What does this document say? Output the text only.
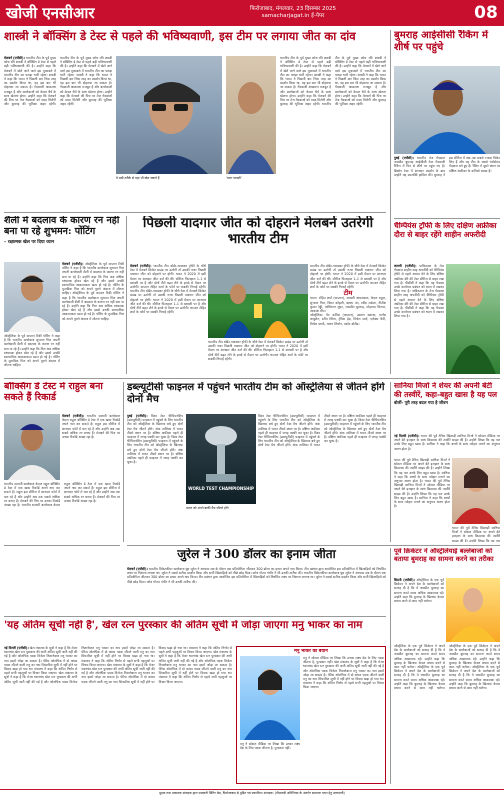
खोजी एनसीआर	फिरोजाबाद, मंगलवार, 23 दिसम्बर 2025
samacharjagat.in ई-पेपर	08
शास्त्री ने बॉक्सिंग डे टेस्ट से पहले की भविष्यवाणी, इस टीम पर लगाया जीत का दांव
मेलबर्न (एजेंसी)। भारतीय टीम के पूर्व मुख्य कोच रवि शास्त्री ने बॉक्सिंग डे टेस्ट से पहले बड़ी भविष्यवाणी की है। उन्होंने कहा कि मेलबर्न में खेले जाने वाले इस मुकाबले में भारतीय टीम का पलड़ा भारी रहेगा। शास्त्री ने कहा कि भारत ने पिछली बार जिस तरह का प्रदर्शन किया था, वह इस बार भी दोहराया जा सकता है। गेंदबाजी आक्रमण मजबूत है और बल्लेबाजों को केवल धैर्य के साथ खेलना होगा। उन्होंने कहा कि मेलबर्न की पिच पर तेज गेंदबाजों को मदद मिलेगी और बुमराह की भूमिका अहम रहेगी। भारतीय टीम के पूर्व मुख्य कोच रवि शास्त्री ने बॉक्सिंग डे टेस्ट से पहले बड़ी भविष्यवाणी की है। उन्होंने कहा कि मेलबर्न में खेले जाने वाले इस मुकाबले में भारतीय टीम का पलड़ा भारी रहेगा। शास्त्री ने कहा कि भारत ने पिछली बार जिस तरह का प्रदर्शन किया था, वह इस बार भी दोहराया जा सकता है। गेंदबाजी आक्रमण मजबूत है और बल्लेबाजों को केवल धैर्य के साथ खेलना होगा। उन्होंने कहा कि मेलबर्न की पिच पर तेज गेंदबाजों को मदद मिलेगी और बुमराह की भूमिका अहम रहेगी।
वे उसी तरीके से यहां भी खेल सकते हैं	'धारा नाराज़ी'
भारतीय टीम के पूर्व मुख्य कोच रवि शास्त्री ने बॉक्सिंग डे टेस्ट से पहले बड़ी भविष्यवाणी की है। उन्होंने कहा कि मेलबर्न में खेले जाने वाले इस मुकाबले में भारतीय टीम का पलड़ा भारी रहेगा। शास्त्री ने कहा कि भारत ने पिछली बार जिस तरह का प्रदर्शन किया था, वह इस बार भी दोहराया जा सकता है। गेंदबाजी आक्रमण मजबूत है और बल्लेबाजों को केवल धैर्य के साथ खेलना होगा। उन्होंने कहा कि मेलबर्न की पिच पर तेज गेंदबाजों को मदद मिलेगी और बुमराह की भूमिका अहम रहेगी। भारतीय टीम के पूर्व मुख्य कोच रवि शास्त्री ने बॉक्सिंग डे टेस्ट से पहले बड़ी भविष्यवाणी की है। उन्होंने कहा कि मेलबर्न में खेले जाने वाले इस मुकाबले में भारतीय टीम का पलड़ा भारी रहेगा। शास्त्री ने कहा कि भारत ने पिछली बार जिस तरह का प्रदर्शन किया था, वह इस बार भी दोहराया जा सकता है। गेंदबाजी आक्रमण मजबूत है और बल्लेबाजों को केवल धैर्य के साथ खेलना होगा। उन्होंने कहा कि मेलबर्न की पिच पर तेज गेंदबाजों को मदद मिलेगी और बुमराह की भूमिका अहम रहेगी।
बुमराह आईसीसी रैंकिंग में शीर्ष पर पहुंचे
दुबई (एजेंसी)। भारतीय तेज गेंदबाज जसप्रीत बुमराह आईसीसी टेस्ट गेंदबाजी रैंकिंग में फिर से शीर्ष पर पहुंच गए हैं। ब्रिस्बेन टेस्ट में शानदार प्रदर्शन के बाद उन्होंने यह उपलब्धि हासिल की। बुमराह ने इस सीरीज में अब तक सबसे ज्यादा विकेट लिए हैं और वह टीम के सबसे भरोसेमंद गेंदबाज बने हुए हैं। रैंकिंग में दूसरे स्थान पर दक्षिण अफ्रीका के कगिसो रबाडा हैं।
शैली में बदलाव के कारण रन नहीं बना पा रहे शुभमन: पोंटिंग
– रक्षात्मक खेल पर दिया ध्यान
मेलबर्न (एजेंसी)। ऑस्ट्रेलिया के पूर्व कप्तान रिकी पोंटिंग ने कहा है कि भारतीय बल्लेबाज शुभमन गिल अपनी बल्लेबाजी शैली में बदलाव के कारण रन नहीं बना पा रहे हैं। उन्होंने कहा कि गिल अब अधिक रक्षात्मक होकर खेल रहे हैं और इससे उनकी स्वाभाविक आक्रामकता खत्म हो गई है। पोंटिंग के मुताबिक गिल को अपने पुराने अंदाज में लौटना चाहिए। ऑस्ट्रेलिया के पूर्व कप्तान रिकी पोंटिंग ने कहा है कि भारतीय बल्लेबाज शुभमन गिल अपनी बल्लेबाजी शैली में बदलाव के कारण रन नहीं बना पा रहे हैं। उन्होंने कहा कि गिल अब अधिक रक्षात्मक होकर खेल रहे हैं और इससे उनकी स्वाभाविक आक्रामकता खत्म हो गई है। पोंटिंग के मुताबिक गिल को अपने पुराने अंदाज में लौटना चाहिए।
ऑस्ट्रेलिया के पूर्व कप्तान रिकी पोंटिंग ने कहा है कि भारतीय बल्लेबाज शुभमन गिल अपनी बल्लेबाजी शैली में बदलाव के कारण रन नहीं बना पा रहे हैं। उन्होंने कहा कि गिल अब अधिक रक्षात्मक होकर खेल रहे हैं और इससे उनकी स्वाभाविक आक्रामकता खत्म हो गई है। पोंटिंग के मुताबिक गिल को अपने पुराने अंदाज में लौटना चाहिए।
पिछली यादगार जीत को दोहराने मेलबर्न उतरेगी भारतीय टीम
मेलबर्न (एजेंसी)। भारतीय टीम बॉर्डर-गावस्कर ट्रॉफी के चौथे टेस्ट में मेलबर्न क्रिकेट ग्राउंड पर उतरेगी तो उसकी नजर पिछली यादगार जीत को दोहराने पर होगी। भारत ने 2020 में इसी मैदान पर शानदार जीत दर्ज की थी। सीरीज फिलहाल 1-1 से बराबरी पर है और दोनों टीमें बढ़त लेने के इरादे से मैदान पर उतरेंगी। कप्तान रोहित शर्मा के फॉर्म पर सबकी निगाहें रहेंगी। भारतीय टीम बॉर्डर-गावस्कर ट्रॉफी के चौथे टेस्ट में मेलबर्न क्रिकेट ग्राउंड पर उतरेगी तो उसकी नजर पिछली यादगार जीत को दोहराने पर होगी। भारत ने 2020 में इसी मैदान पर शानदार जीत दर्ज की थी। सीरीज फिलहाल 1-1 से बराबरी पर है और दोनों टीमें बढ़त लेने के इरादे से मैदान पर उतरेंगी। कप्तान रोहित शर्मा के फॉर्म पर सबकी निगाहें रहेंगी।
भारतीय टीम बॉर्डर-गावस्कर ट्रॉफी के चौथे टेस्ट में मेलबर्न क्रिकेट ग्राउंड पर उतरेगी तो उसकी नजर पिछली यादगार जीत को दोहराने पर होगी। भारत ने 2020 में इसी मैदान पर शानदार जीत दर्ज की थी। सीरीज फिलहाल 1-1 से बराबरी पर है और दोनों टीमें बढ़त लेने के इरादे से मैदान पर उतरेंगी। कप्तान रोहित शर्मा के फॉर्म पर सबकी निगाहें रहेंगी।
भारतीय टीम बॉर्डर-गावस्कर ट्रॉफी के चौथे टेस्ट में मेलबर्न क्रिकेट ग्राउंड पर उतरेगी तो उसकी नजर पिछली यादगार जीत को दोहराने पर होगी। भारत ने 2020 में इसी मैदान पर शानदार जीत दर्ज की थी। सीरीज फिलहाल 1-1 से बराबरी पर है और दोनों टीमें बढ़त लेने के इरादे से मैदान पर उतरेंगी। कप्तान रोहित शर्मा के फॉर्म पर सबकी निगाहें रहेंगी।
टीम
भारत: रोहित शर्मा (कप्तान), यशस्वी जायसवाल, केएल राहुल, शुभमन गिल, विराट कोहली, ऋषभ पंत, रवींद्र जडेजा, नीतीश कुमार रेड्डी, वाशिंगटन सुंदर, जसप्रीत बुमराह, मोहम्मद सिराज, आकाश दीप।
ऑस्ट्रेलिया: पैट कमिंस (कप्तान), उस्मान ख्वाजा, मार्नस लाबुशेन, स्टीव स्मिथ, ट्रेविस हेड, मिचेल मार्श, एलेक्स कैरी, मिचेल स्टार्क, नाथन लियोन, स्कॉट बोलैंड।
चैम्पियंस ट्रॉफी के लिए दक्षिण अफ्रीका दौरा से बाहर रहेंगे शाहीन अफरीदी
कराची (एजेंसी)। पाकिस्तान के तेज गेंदबाज शाहीन शाह अफरीदी को चैम्पियंस ट्रॉफी से पहले आराम देने के लिए दक्षिण अफ्रीका दौरे की टेस्ट सीरीज से बाहर रखा गया है। पीसीबी ने कहा कि यह फैसला उनके कार्यभार प्रबंधन को ध्यान में रखकर लिया गया है। पाकिस्तान के तेज गेंदबाज शाहीन शाह अफरीदी को चैम्पियंस ट्रॉफी से पहले आराम देने के लिए दक्षिण अफ्रीका दौरे की टेस्ट सीरीज से बाहर रखा गया है। पीसीबी ने कहा कि यह फैसला उनके कार्यभार प्रबंधन को ध्यान में रखकर लिया गया है।
बॉक्सिंग डे टेस्ट में राहुल बना सकते हैं रिकार्ड
मेलबर्न (एजेंसी)। भारतीय सलामी बल्लेबाज केएल राहुल बॉक्सिंग डे टेस्ट में एक खास रिकॉर्ड अपने नाम कर सकते हैं। राहुल इस सीरीज में शानदार फॉर्म में चल रहे हैं और उन्होंने अब तक सबसे अधिक रन बनाए हैं। मेलबर्न की पिच पर उनका रिकॉर्ड अच्छा रहा है।
भारतीय सलामी बल्लेबाज केएल राहुल बॉक्सिंग डे टेस्ट में एक खास रिकॉर्ड अपने नाम कर सकते हैं। राहुल इस सीरीज में शानदार फॉर्म में चल रहे हैं और उन्होंने अब तक सबसे अधिक रन बनाए हैं। मेलबर्न की पिच पर उनका रिकॉर्ड अच्छा रहा है। भारतीय सलामी बल्लेबाज केएल राहुल बॉक्सिंग डे टेस्ट में एक खास रिकॉर्ड अपने नाम कर सकते हैं। राहुल इस सीरीज में शानदार फॉर्म में चल रहे हैं और उन्होंने अब तक सबसे अधिक रन बनाए हैं। मेलबर्न की पिच पर उनका रिकॉर्ड अच्छा रहा है।
डब्ल्यूटीसी फाइनल में पहुंचने भारतीय टीम को ऑस्ट्रेलिया से जीतने होंगे दोनों मैच
दुबई (एजेंसी)। विश्व टेस्ट चैम्पियनशिप (डब्ल्यूटीसी) फाइनल में पहुंचने के लिए भारतीय टीम को ऑस्ट्रेलिया के खिलाफ बचे हुए दोनों टेस्ट मैच जीतने होंगे। अंक तालिका में भारत तीसरे स्थान पर है। दक्षिण अफ्रीका पहले ही फाइनल में जगह पक्की कर चुका है। विश्व टेस्ट चैम्पियनशिप (डब्ल्यूटीसी) फाइनल में पहुंचने के लिए भारतीय टीम को ऑस्ट्रेलिया के खिलाफ बचे हुए दोनों टेस्ट मैच जीतने होंगे। अंक तालिका में भारत तीसरे स्थान पर है। दक्षिण अफ्रीका पहले ही फाइनल में जगह पक्की कर चुका है।
WORLD TEST CHAMPIONSHIP
भारत को अपने बाकी मैच जीतने होंगे
विश्व टेस्ट चैम्पियनशिप (डब्ल्यूटीसी) फाइनल में पहुंचने के लिए भारतीय टीम को ऑस्ट्रेलिया के खिलाफ बचे हुए दोनों टेस्ट मैच जीतने होंगे। अंक तालिका में भारत तीसरे स्थान पर है। दक्षिण अफ्रीका पहले ही फाइनल में जगह पक्की कर चुका है। विश्व टेस्ट चैम्पियनशिप (डब्ल्यूटीसी) फाइनल में पहुंचने के लिए भारतीय टीम को ऑस्ट्रेलिया के खिलाफ बचे हुए दोनों टेस्ट मैच जीतने होंगे। अंक तालिका में भारत तीसरे स्थान पर है। दक्षिण अफ्रीका पहले ही फाइनल में जगह पक्की कर चुका है। विश्व टेस्ट चैम्पियनशिप (डब्ल्यूटीसी) फाइनल में पहुंचने के लिए भारतीय टीम को ऑस्ट्रेलिया के खिलाफ बचे हुए दोनों टेस्ट मैच जीतने होंगे। अंक तालिका में भारत तीसरे स्थान पर है। दक्षिण अफ्रीका पहले ही फाइनल में जगह पक्की कर चुका है।
सानिया मिर्जा ने शेयर कीं अपनी बेटी की तस्वीरें, कहा-बहुत खास है यह पल
बोलीं- पूरी तरह बदल गया है जीवन
नई दिल्ली (एजेंसी)। भारत की पूर्व टेनिस खिलाड़ी सानिया मिर्जा ने सोशल मीडिया पर अपने बेटे इजहान के साथ क्रिसमस की तस्वीरें साझा की हैं। उन्होंने लिखा कि यह पल उनके लिए बहुत खास है। सानिया ने कहा कि बच्चों के साथ त्योहार मनाने का अनुभव अलग होता है।
भारत की पूर्व टेनिस खिलाड़ी सानिया मिर्जा ने सोशल मीडिया पर अपने बेटे इजहान के साथ क्रिसमस की तस्वीरें साझा की हैं। उन्होंने लिखा कि यह पल उनके लिए बहुत खास है। सानिया ने कहा कि बच्चों के साथ त्योहार मनाने का अनुभव अलग होता है। भारत की पूर्व टेनिस खिलाड़ी सानिया मिर्जा ने सोशल मीडिया पर अपने बेटे इजहान के साथ क्रिसमस की तस्वीरें साझा की हैं। उन्होंने लिखा कि यह पल उनके लिए बहुत खास है। सानिया ने कहा कि बच्चों के साथ त्योहार मनाने का अनुभव अलग होता है।
भारत की पूर्व टेनिस खिलाड़ी सानिया मिर्जा ने सोशल मीडिया पर अपने बेटे इजहान के साथ क्रिसमस की तस्वीरें साझा की हैं। उन्होंने लिखा कि यह पल
जुरेल ने 300 डॉलर का इनाम जीता
मेलबर्न (एजेंसी)। भारतीय विकेटकीपर बल्लेबाज ध्रुव जुरेल ने अभ्यास सत्र के दौरान एक प्रतियोगिता जीतकर 300 डॉलर का इनाम अपने नाम किया। टीम प्रबंधन द्वारा आयोजित इस प्रतियोगिता में खिलाड़ियों को निर्धारित लक्ष्य पर निशाना लगाना था। जुरेल ने सबसे सटीक प्रदर्शन किया और सभी खिलाड़ियों को पीछे छोड़ दिया। कोच गौतम गंभीर ने भी उनकी तारीफ की। भारतीय विकेटकीपर बल्लेबाज ध्रुव जुरेल ने अभ्यास सत्र के दौरान एक प्रतियोगिता जीतकर 300 डॉलर का इनाम अपने नाम किया। टीम प्रबंधन द्वारा आयोजित इस प्रतियोगिता में खिलाड़ियों को निर्धारित लक्ष्य पर निशाना लगाना था। जुरेल ने सबसे सटीक प्रदर्शन किया और सभी खिलाड़ियों को पीछे छोड़ दिया। कोच गौतम गंभीर ने भी उनकी तारीफ की।
पूर्व क्रिकेटर ने ऑस्ट्रेलियाई बल्लेबाजों को बताया बुमराह का सामना करने का तरीका
सिडनी (एजेंसी)। ऑस्ट्रेलिया के एक पूर्व क्रिकेटर ने अपने देश के बल्लेबाजों को सलाह दी है कि वे जसप्रीत बुमराह का सामना करते समय अधिक आक्रामक रहें। उन्होंने कहा कि बुमराह के खिलाफ केवल बचाव करने से काम नहीं चलेगा।
ऑस्ट्रेलिया के एक पूर्व क्रिकेटर ने अपने देश के बल्लेबाजों को सलाह दी है कि वे जसप्रीत बुमराह का सामना करते समय अधिक आक्रामक रहें। उन्होंने कहा कि बुमराह के खिलाफ केवल बचाव करने से काम नहीं चलेगा। ऑस्ट्रेलिया के एक पूर्व क्रिकेटर ने अपने देश के बल्लेबाजों को सलाह दी है कि वे जसप्रीत बुमराह का सामना करते समय अधिक आक्रामक रहें। उन्होंने कहा कि बुमराह के खिलाफ केवल बचाव करने से काम नहीं चलेगा। ऑस्ट्रेलिया के एक पूर्व क्रिकेटर ने अपने देश के बल्लेबाजों को सलाह दी है कि वे जसप्रीत बुमराह का सामना करते समय अधिक आक्रामक रहें। उन्होंने कहा कि बुमराह के खिलाफ केवल बचाव करने से काम नहीं चलेगा। ऑस्ट्रेलिया के एक पूर्व क्रिकेटर ने अपने देश के बल्लेबाजों को सलाह दी है कि वे जसप्रीत बुमराह का सामना करते समय अधिक आक्रामक रहें। उन्होंने कहा कि बुमराह के खिलाफ केवल बचाव करने से काम नहीं चलेगा।
'यह अंतिम सूची नहीं है', खेल रत्न पुरस्कार की अंतिम सूची में जोड़ा जाएगा मनु भाकर का नाम
नई दिल्ली (एजेंसी)। खेल मंत्रालय के सूत्रों ने कहा है कि मेजर ध्यानचंद खेल रत्न पुरस्कार की अभी अंतिम सूची जारी नहीं की गई है और ओलंपिक पदक विजेता निशानेबाज मनु भाकर का नाम इसमें जोड़ा जा सकता है। पेरिस ओलंपिक में दो कांस्य पदक जीतने वाली मनु का नाम सिफारिश सूची में नहीं होने पर विवाद खड़ा हो गया था। मंत्रालय ने कहा कि अंतिम निर्णय से पहले सभी पहलुओं पर विचार किया जाएगा। खेल मंत्रालय के सूत्रों ने कहा है कि मेजर ध्यानचंद खेल रत्न पुरस्कार की अभी अंतिम सूची जारी नहीं की गई है और ओलंपिक पदक विजेता निशानेबाज मनु भाकर का नाम इसमें जोड़ा जा सकता है। पेरिस ओलंपिक में दो कांस्य पदक जीतने वाली मनु का नाम सिफारिश सूची में नहीं होने पर विवाद खड़ा हो गया था। मंत्रालय ने कहा कि अंतिम निर्णय से पहले सभी पहलुओं पर विचार किया जाएगा। खेल मंत्रालय के सूत्रों ने कहा है कि मेजर ध्यानचंद खेल रत्न पुरस्कार की अभी अंतिम सूची जारी नहीं की गई है और ओलंपिक पदक विजेता निशानेबाज मनु भाकर का नाम इसमें जोड़ा जा सकता है। पेरिस ओलंपिक में दो कांस्य पदक जीतने वाली मनु का नाम सिफारिश सूची में नहीं होने पर विवाद खड़ा हो गया था। मंत्रालय ने कहा कि अंतिम निर्णय से पहले सभी पहलुओं पर विचार किया जाएगा। खेल मंत्रालय के सूत्रों ने कहा है कि मेजर ध्यानचंद खेल रत्न पुरस्कार की अभी अंतिम सूची जारी नहीं की गई है और ओलंपिक पदक विजेता निशानेबाज मनु भाकर का नाम इसमें जोड़ा जा सकता है। पेरिस ओलंपिक में दो कांस्य पदक जीतने वाली मनु का नाम सिफारिश सूची में नहीं होने पर विवाद खड़ा हो गया था। मंत्रालय ने कहा कि अंतिम निर्णय से पहले सभी पहलुओं पर विचार किया जाएगा।
मनु भाकर का बयान
मनु ने सोशल मीडिया पर लिखा कि उनका लक्ष्य देश के लिए पदक जीतना है, पुरस्कार नहीं। खेल मंत्रालय के सूत्रों ने कहा है कि मेजर ध्यानचंद खेल रत्न पुरस्कार की अभी अंतिम सूची जारी नहीं की गई है और ओलंपिक पदक विजेता निशानेबाज मनु भाकर का नाम इसमें जोड़ा जा सकता है। पेरिस ओलंपिक में दो कांस्य पदक जीतने वाली मनु का नाम सिफारिश सूची में नहीं होने पर विवाद खड़ा हो गया था। मंत्रालय ने कहा कि अंतिम निर्णय से पहले सभी पहलुओं पर विचार किया जाएगा।
मनु ने सोशल मीडिया पर लिखा कि उनका लक्ष्य देश के लिए पदक जीतना है, पुरस्कार नहीं।
मुद्रक तथा प्रकाशक संपादक द्वारा पद्मावती प्रिंटिंग प्रेस, फिरोजाबाद से मुद्रित एवं प्रकाशित। संपादक: (पीआरबी अधिनियम के अंतर्गत समाचार चयन हेतु उत्तरदायी)
